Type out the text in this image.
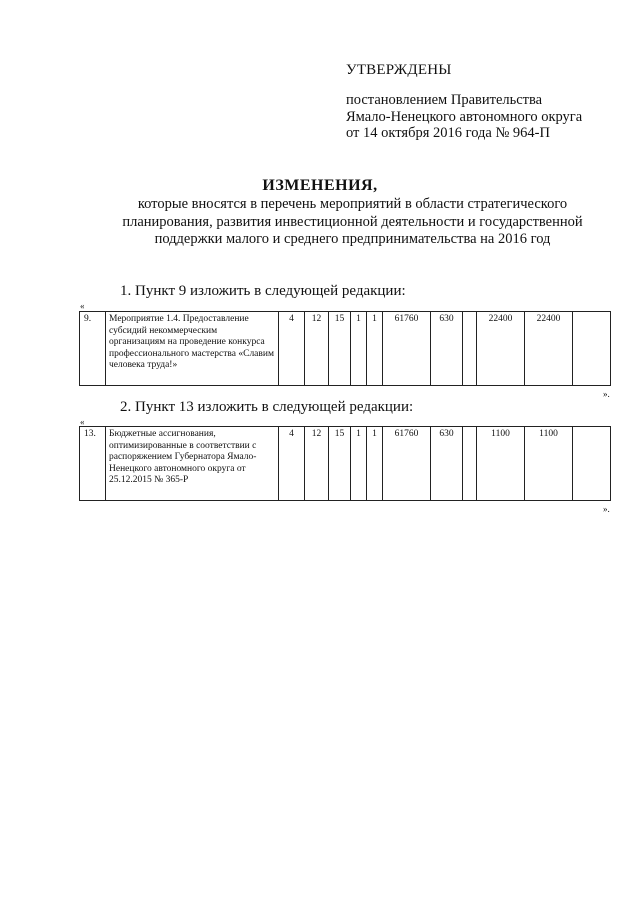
УТВЕРЖДЕНЫ
постановлением Правительства
Ямало-Ненецкого автономного округа
от 14 октября 2016 года № 964-П
ИЗМЕНЕНИЯ,
которые вносятся в перечень мероприятий в области стратегического
планирования, развития инвестиционной деятельности и государственной
поддержки малого и среднего предпринимательства на 2016 год
1. Пункт 9 изложить в следующей редакции:
«
9.	Мероприятие 1.4. Предоставление субсидий некоммерческим организациям на проведение конкурса профессионального мастерства «Славим человека труда!»	4	12	15	1	1	61760	630		22400	22400	
».
2. Пункт 13 изложить в следующей редакции:
«
13.	Бюджетные ассигнования, оптимизированные в соответствии с распоряжением Губернатора Ямало-Ненецкого автономного округа от 25.12.2015 № 365-Р	4	12	15	1	1	61760	630		1100	1100	
».
